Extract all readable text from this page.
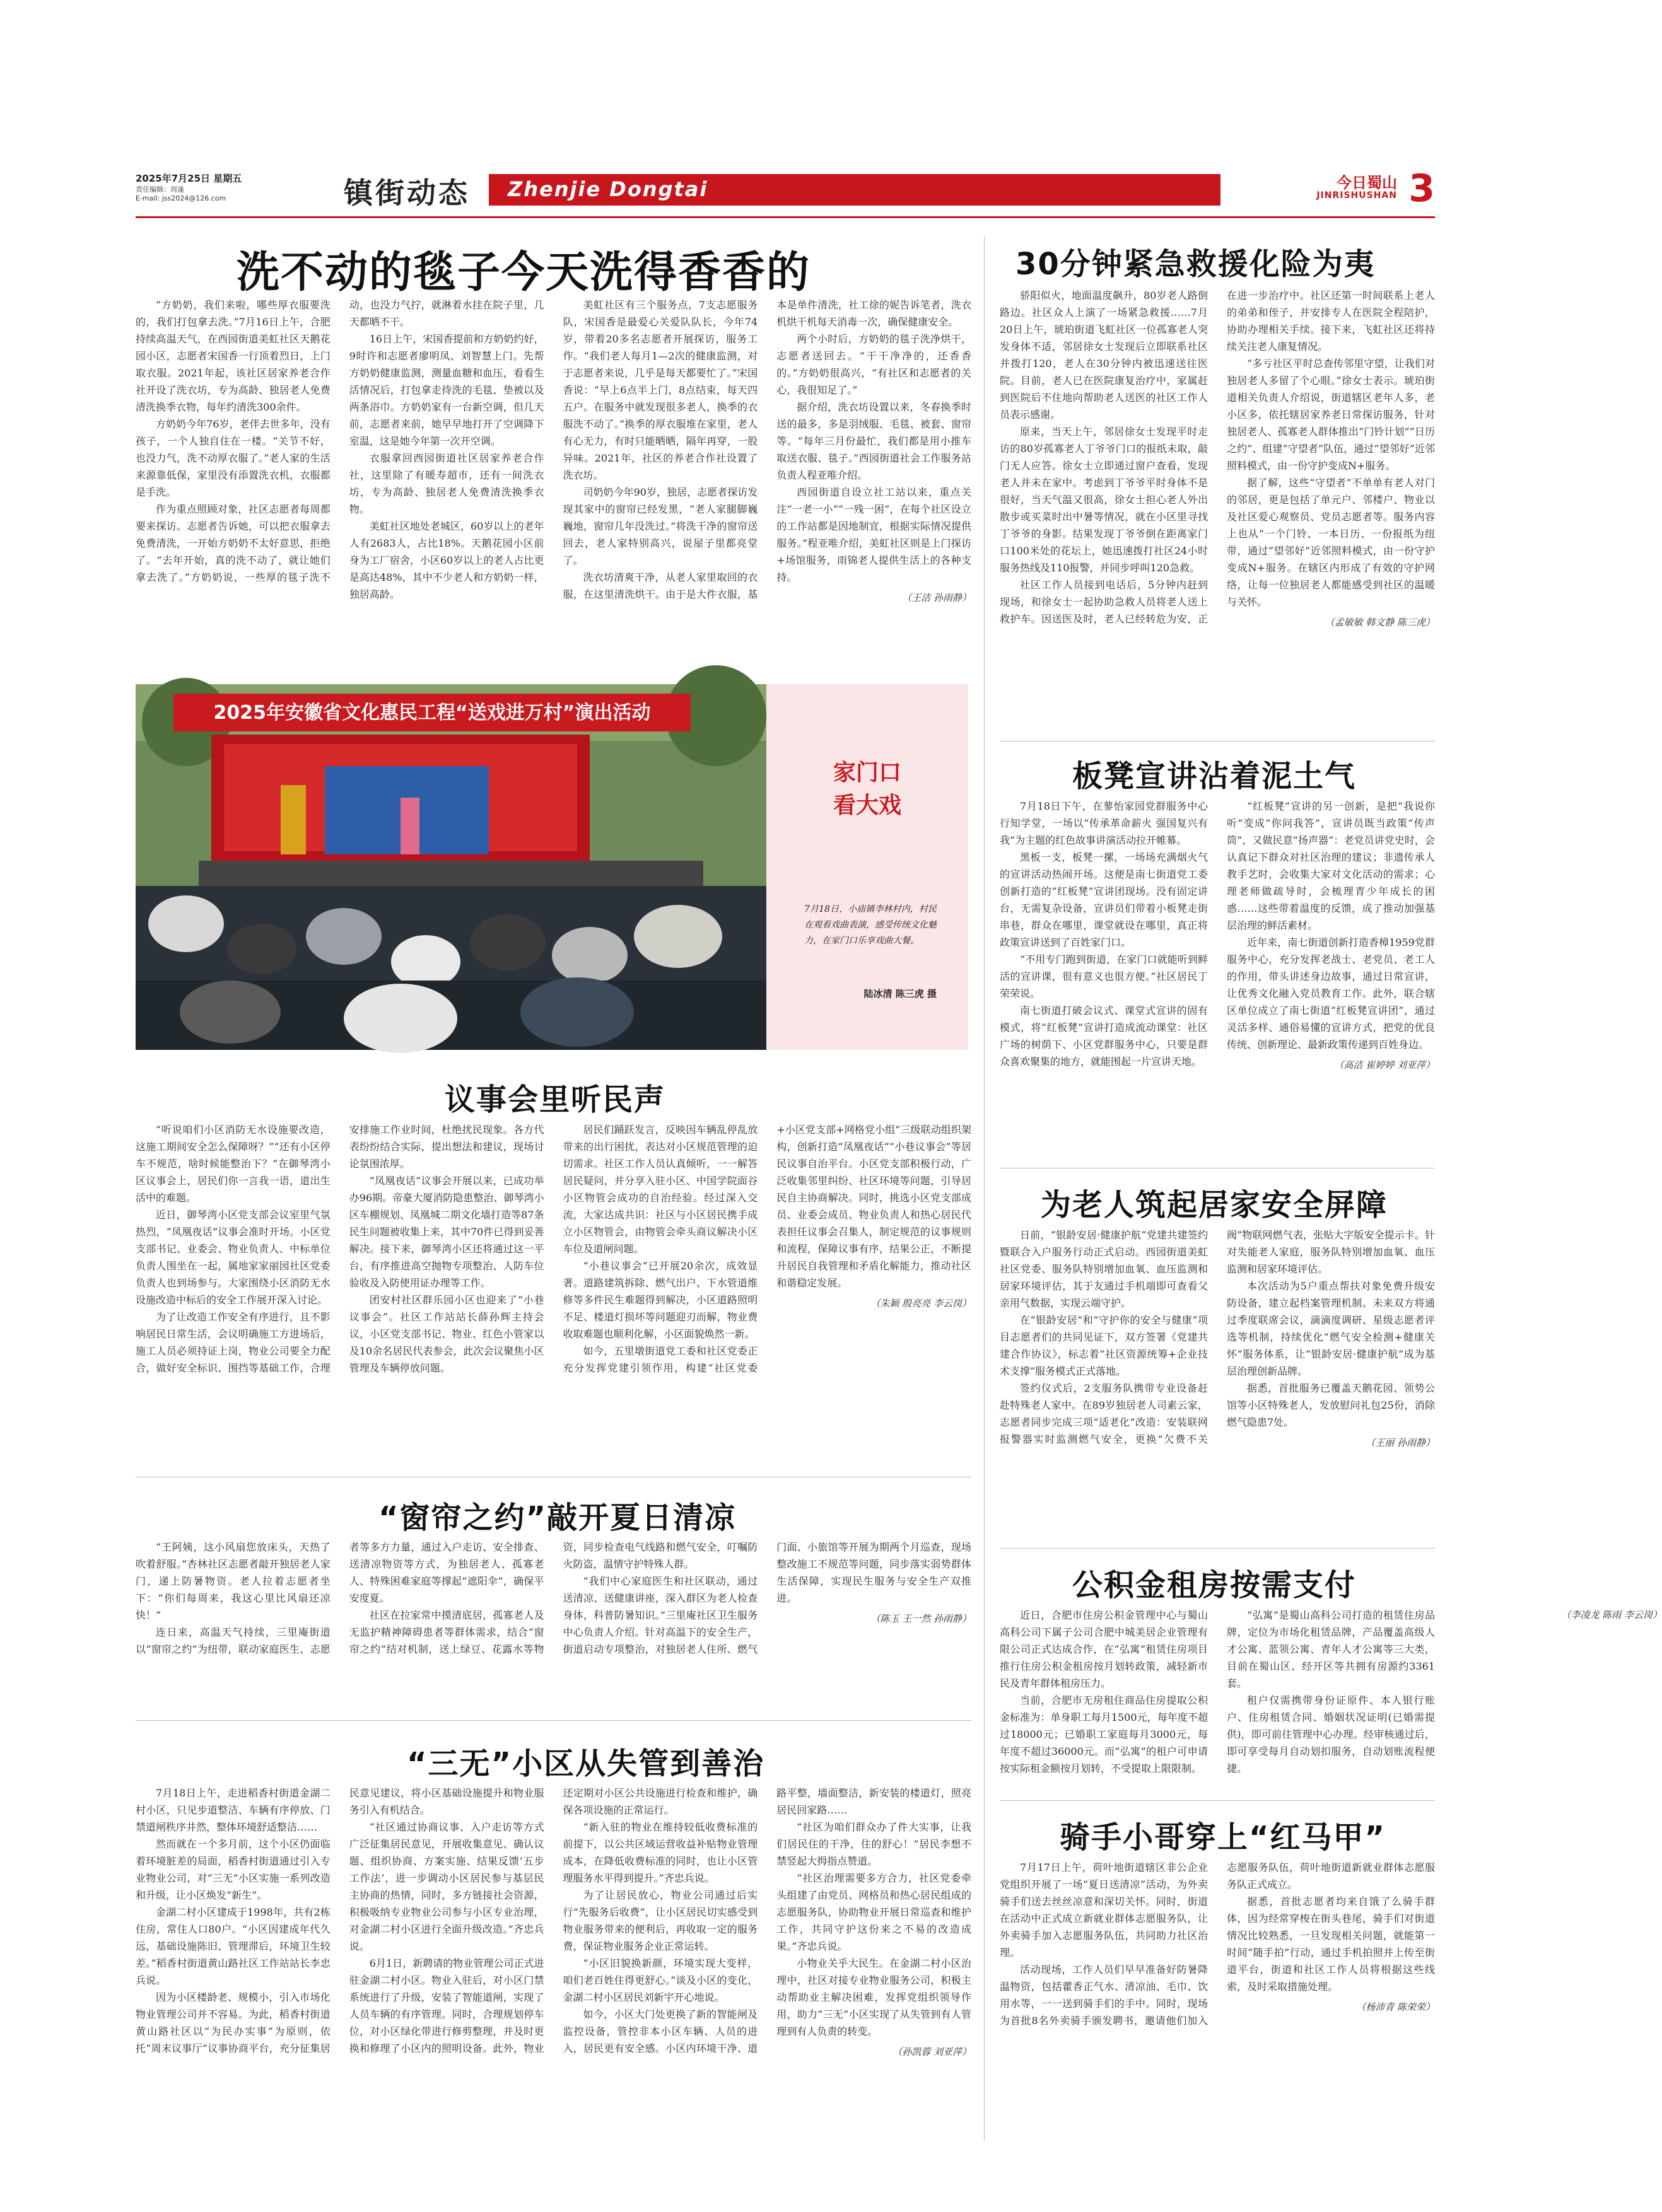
2025年7月25日 星期五
责任编辑：周逢
E-mail: jss2024@126.com	镇街动态 Zhenjie Dongtai	今日蜀山
JINRISHUSHAN 3
洗不动的毯子今天洗得香香的

“方奶奶，我们来啦，哪些厚衣服要洗的，我们打包拿去洗。”7月16日上午，合肥持续高温天气，在西园街道美虹社区天鹅花园小区，志愿者宋国香一行顶着烈日，上门取衣服。2021年起，该社区居家养老合作社开设了洗衣坊，专为高龄、独居老人免费清洗换季衣物，每年约清洗300余件。

方奶奶今年76岁，老伴去世多年，没有孩子，一个人独自住在一楼。“关节不好，也没力气，洗不动厚衣服了。”老人家的生活来源靠低保，家里没有添置洗衣机，衣服都是手洗。

作为重点照顾对象，社区志愿者每周都要来探访。志愿者告诉她，可以把衣服拿去免费清洗，一开始方奶奶不太好意思，拒绝了。“去年开始，真的洗不动了，就让她们拿去洗了。”方奶奶说，一些厚的毯子洗不动，也没力气拧，就淋着水挂在院子里，几天都晒不干。

16日上午，宋国香提前和方奶奶约好，9时许和志愿者廖明凤、刘智慧上门。先帮方奶奶健康监测，测量血糖和血压，看看生活情况后，打包拿走待洗的毛毯、垫被以及两条浴巾。方奶奶家有一台新空调，但几天前，志愿者来前，她早早地打开了空调降下室温，这是她今年第一次开空调。

衣服拿回西园街道社区居家养老合作社，这里除了有暖寿超市，还有一间洗衣坊，专为高龄、独居老人免费清洗换季衣物。

美虹社区地处老城区，60岁以上的老年人有2683人，占比18%。天鹅花园小区前身为工厂宿舍，小区60岁以上的老人占比更是高达48%，其中不少老人和方奶奶一样，独居高龄。

美虹社区有三个服务点，7支志愿服务队，宋国香是最爱心关爱队队长，今年74岁，带着20多名志愿者开展探访，服务工作。“我们老人每月1—2次的健康监测，对于志愿者来说，几乎是每天都要忙了。”宋国香说：“早上6点半上门，8点结束，每天四五户。在服务中就发现很多老人，换季的衣服洗不动了。”换季的厚衣服堆在家里，老人有心无力，有时只能晒晒，隔年再穿，一股异味。2021年，社区的养老合作社设置了洗衣坊。

司奶奶今年90岁，独居，志愿者探访发现其家中的窗帘已经发黑，“老人家腿脚巍巍地，窗帘几年没洗过。”将洗干净的窗帘送回去，老人家特别高兴，说屋子里都亮堂了。

洗衣坊清爽干净，从老人家里取回的衣服，在这里清洗烘干。由于是大件衣服，基本是单件清洗，社工徐的妮告诉笔者，洗衣机烘干机每天消毒一次，确保健康安全。

两个小时后，方奶奶的毯子洗净烘干，志愿者送回去。“干干净净的，还香香的。”方奶奶很高兴，“有社区和志愿者的关心，我很知足了。”

据介绍，洗衣坊设置以来，冬春换季时送的最多，多是羽绒服、毛毯、被套、窗帘等。“每年三月份最忙，我们都是用小推车取送衣服、毯子。”西园街道社会工作服务站负责人程亚唯介绍。

西园街道自设立社工站以来，重点关注“一老一小”“一残一困”，在每个社区设立的工作站都是因地制宜，根据实际情况提供服务。”程亚唯介绍，美虹社区则是上门探访+场馆服务，雨锦老人提供生活上的各种支持。

（王洁 孙雨静）

2025年安徽省文化惠民工程“送戏进万村”演出活动
家门口
看大戏
7月18日，小庙镇李林村内，村民在观看戏曲表演，感受传统文化魅力，在家门口乐享戏曲大餐。
陆冰清 陈三虎 摄
议事会里听民声

“听说咱们小区消防无水设施要改造，这施工期间安全怎么保障呀？”“还有小区停车不规范，啥时候能整治下？”在御琴湾小区议事会上，居民们你一言我一语，道出生活中的难题。

近日，御琴湾小区党支部会议室里气氛热烈，“凤凰夜话”议事会准时开场。小区党支部书记、业委会、物业负责人、中标单位负责人围坐在一起，属地家家丽园社区党委负责人也到场参与。大家围绕小区消防无水设施改造中标后的安全工作展开深入讨论。

为了让改造工作安全有序进行，且不影响居民日常生活，会议明确施工方进场后，施工人员必须持证上岗，物业公司要全力配合，做好安全标识、围挡等基础工作，合理安排施工作业时间，杜绝扰民现象。各方代表纷纷结合实际，提出想法和建议，现场讨论氛围浓厚。

“凤凰夜话”议事会开展以来，已成功举办96期。帝豪大厦消防隐患整治、御琴湾小区车棚规划、凤凰城二期文化墙打造等87条民生问题被收集上来，其中70件已得到妥善解决。接下来，御琴湾小区还将通过这一平台，有序推进高空抛物专项整治、人防车位验收及入防使用证办理等工作。

团安村社区群乐园小区也迎来了“小巷议事会”。社区工作站站长薛孙辉主持会议，小区党支部书记、物业、红色小管家以及10余名居民代表参会，此次会议聚焦小区管理及车辆停放问题。

居民们踊跃发言，反映因车辆乱停乱放带来的出行困扰，表达对小区规范管理的迫切需求。社区工作人员认真倾听，一一解答居民疑问，并分享入驻小区、中国学院面谷小区物管会成功的自治经验。经过深入交流，大家达成共识：社区与小区居民携手成立小区物管会，由物管会牵头商议解决小区车位及道闸问题。

“小巷议事会”已开展20余次，成效显著。道路建筑拆除、燃气出户、下水管道维修等多件民生难题得到解决，小区道路照明不足、楼道灯损坏等问题迎刃而解，物业费收取难题也顺利化解，小区面貌焕然一新。

如今，五里墩街道党工委和社区党委正充分发挥党建引领作用，构建“社区党委+小区党支部+网格党小组”三级联动组织架构，创新打造“凤凰夜话”“小巷议事会”等居民议事自治平台。小区党支部积极行动，广泛收集邻里纠纷、社区环境等问题，引导居民自主协商解决。同时，挑选小区党支部成员、业委会成员、物业负责人和热心居民代表担任议事会召集人，制定规范的议事规则和流程，保障议事有序，结果公正，不断提升居民自我管理和矛盾化解能力，推动社区和谐稳定发展。

（朱颖 殷亮亮 李云岗）

“窗帘之约”敲开夏日清凉

“王阿姨，这小风扇您放床头，天热了吹着舒服。”杏林社区志愿者敲开独居老人家门，递上防暑物资。老人拉着志愿者坐下：“你们每周来，我这心里比风扇还凉快！”

连日来，高温天气持续，三里庵街道以“窗帘之约”为纽带，联动家庭医生、志愿者等多方力量，通过入户走访、安全排查、送清凉物资等方式，为独居老人、孤寡老人、特殊困难家庭等撑起“遮阳伞”，确保平安度夏。

社区在拉家常中摸清底居，孤寡老人及无监护精神障碍患者等群体需求，结合“窗帘之约”结对机制，送上绿豆、花露水等物资，同步检查电气线路和燃气安全，叮嘱防火防盗，温情守护特殊人群。

“我们中心家庭医生和社区联动，通过送清凉、送健康讲座，深入群区为老人检查身体，科普防暑知识。”三里庵社区卫生服务中心负责人介绍。针对高温下的安全生产，街道启动专项整治，对独居老人住所、燃气门面、小旅馆等开展为期两个月巡查，现场整改施工不规范等问题，同步落实弱势群体生活保障，实现民生服务与安全生产双推进。

（陈玉 王一然 孙雨静）

“三无”小区从失管到善治

7月18日上午，走进稻香村街道金湖二村小区，只见步道整洁、车辆有序停放、门禁道闸秩序井然，整体环境舒适整洁……

然而就在一个多月前，这个小区仍面临着环境脏差的局面，稻香村街道通过引入专业物业公司，对“三无”小区实施一系列改造和升级，让小区焕发“新生”。

金湖二村小区建成于1998年，共有2栋住房，常住人口80户。“小区因建成年代久远，基础设施陈旧、管理滞后，环境卫生较差。”稻香村街道黄山路社区工作站站长李忠兵说。

因为小区楼龄老、规模小，引入市场化物业管理公司并不容易。为此，稻香村街道黄山路社区以“为民办实事”为原则，依托“周末议事厅”议事协商平台，充分征集居民意见建议，将小区基础设施提升和物业服务引入有机结合。

“社区通过协商议事、入户走访等方式广泛征集居民意见，开展收集意见、确认议题、组织协商、方案实施、结果反馈‘五步工作法’，进一步调动小区居民参与基层民主协商的热情，同时，多方链接社会资源，积极吸纳专业物业公司参与小区专业治理，对金湖二村小区进行全面升级改造。”齐忠兵说。

6月1日，新聘请的物业管理公司正式进驻金湖二村小区。物业入驻后，对小区门禁系统进行了升级，安装了智能道闸，实现了人员车辆的有序管理。同时，合理规划停车位，对小区绿化带进行修剪整理，并及时更换和修理了小区内的照明设备。此外，物业还定期对小区公共设施进行检查和维护，确保各项设施的正常运行。

“新入驻的物业在维持较低收费标准的前提下，以公共区域运营收益补贴物业管理成本，在降低收费标准的同时，也让小区管理服务水平得到提升。”齐忠兵说。

为了让居民放心，物业公司通过后实行“先服务后收费”，让小区居民切实感受到物业服务带来的便利后，再收取一定的服务费，保证物业服务企业正常运转。

“小区旧貌换新颜，环境实现大变样，咱们老百姓住得更舒心。”谈及小区的变化，金湖二村小区居民刘新宇开心地说。

如今，小区大门处更换了新的智能闸及监控设备，管控非本小区车辆、人员的进入，居民更有安全感。小区内环境干净、道路平整，墙面整洁，新安装的楼道灯，照亮居民回家路……

“社区为咱们群众办了件大实事，让我们居民住的干净，住的舒心！”居民李想不禁竖起大拇指点赞道。

“社区治理需要多方合力，社区党委牵头组建了由党员、网格员和热心居民组成的志愿服务队，协助物业开展日常巡查和维护工作，共同守护这份来之不易的改造成果。”齐忠兵说。

小物业关乎大民生。在金湖二村小区治理中，社区对接专业物业服务公司，积极主动帮助业主解决困难，发挥党组织领导作用，助力“三无”小区实现了从失管到有人管理到有人负责的转变。

（孙凯蓉 刘亚萍）

30分钟紧急救援化险为夷

骄阳似火，地面温度飙升，80岁老人路倒路边。社区众人上演了一场紧急救援……7月20日上午，琥珀街道飞虹社区一位孤寡老人突发身体不适，邻居徐女士发现后立即联系社区并拨打120，老人在30分钟内被迅速送往医院。目前，老人已在医院康复治疗中，家属赶到医院后不住地向帮助老人送医的社区工作人员表示感谢。

原来，当天上午，邻居徐女士发现平时走访的80岁孤寡老人丁爷爷门口的报纸未取，敲门无人应答。徐女士立即通过窗户查看，发现老人并未在家中。考虑到丁爷爷平时身体不是很好，当天气温又很高，徐女士担心老人外出散步或买菜时出中暑等情况，就在小区里寻找丁爷爷的身影。结果发现丁爷爷倒在距离家门口100米处的花坛上，她迅速拨打社区24小时服务热线及110报警，并同步呼叫120急救。

社区工作人员接到电话后，5分钟内赶到现场，和徐女士一起协助急救人员将老人送上救护车。因送医及时，老人已经转危为安，正在进一步治疗中。社区还第一时间联系上老人的弟弟和侄子，并安排专人在医院全程陪护，协助办理相关手续。接下来，飞虹社区还将持续关注老人康复情况。

“多亏社区平时总查传邻里守望，让我们对独居老人多留了个心眼。”徐女士表示。琥珀街道相关负责人介绍说，街道辖区老年人多，老小区多，依托辖居家养老日常探访服务，针对独居老人、孤寡老人群体推出“门铃计划”“日历之约”、组建“守望者”队伍，通过“望邻好”近邻照料模式，由一份守护变成N+服务。

据了解，这些“守望者”不单单有老人对门的邻居，更是包括了单元户、邻楼户、物业以及社区爱心观察员、党员志愿者等。服务内容上也从“一个门铃、一本日历、一份报纸为纽带，通过“望邻好”近邻照料模式，由一份守护变成N+服务。在辖区内形成了有效的守护网络，让每一位独居老人都能感受到社区的温暖与关怀。

（孟敏敏 韩文静 陈三虎）

板凳宣讲沾着泥土气

7月18日下午，在蓼怡家园党群服务中心行知学堂，一场以“传承革命薪火 强国复兴有我”为主题的红色故事讲演活动拉开帷幕。

黑板一支，板凳一摞，一场场充满烟火气的宣讲活动热闹开场。这便是南七街道党工委创新打造的“红板凳”宣讲团现场。没有固定讲台，无需复杂设备，宣讲员们带着小板凳走街串巷，群众在哪里，课堂就设在哪里，真正将政策宣讲送到了百姓家门口。

“不用专门跑到街道，在家门口就能听到鲜活的宣讲课，很有意义也很方便。”社区居民丁荣荣说。

南七街道打破会议式、课堂式宣讲的固有模式，将“红板凳”宣讲打造成流动课堂：社区广场的树荫下、小区党群服务中心，只要是群众喜欢聚集的地方，就能围起一片宣讲天地。

“红板凳”宣讲的另一创新，是把“我说你听”变成“你问我答”，宣讲员既当政策“传声筒”，又做民意“扬声器”：老党员讲党史时，会认真记下群众对社区治理的建议；非遗传承人教手艺时，会收集大家对文化活动的需求；心理老师做疏导时，会梳理青少年成长的困惑……这些带着温度的反馈，成了推动加强基层治理的鲜活素材。

近年来，南七街道创新打造香樟1959党群服务中心，充分发挥老战士、老党员、老工人的作用，带头讲述身边故事，通过日常宣讲，让优秀文化融入党员教育工作。此外，联合辖区单位成立了南七街道“红板凳宣讲团”，通过灵活多样、通俗易懂的宣讲方式，把党的优良传统、创新理论、最新政策传递到百姓身边。

（高洁 崔婷婷 刘亚萍）

为老人筑起居家安全屏障

日前，“银龄安居·健康护航”党建共建签约暨联合入户服务行动正式启动。西园街道美虹社区党委、服务队特别增加血氧、血压监测和居家环境评估，其于友通过手机端即可查看父亲用气数据，实现云端守护。

在“银龄安居”和“守护你的安全与健康”项目志愿者们的共同见证下，双方签署《党建共建合作协议》，标志着“社区资源统筹+企业技术支撑”服务模式正式落地。

签约仪式后，2支服务队携带专业设备赶赴特殊老人家中。在89岁独居老人司素云家，志愿者同步完成三项“适老化”改造：安装联网报警器实时监测燃气安全，更换“欠费不关阀”物联网燃气表，张贴大字版安全提示卡。针对失能老人家庭，服务队特别增加血氧、血压监测和居家环境评估。

本次活动为5户重点帮扶对象免费升级安防设备，建立起档案管理机制。未来双方将通过季度联席会议，滴滴度调研、星级志愿者评选等机制，持续优化“燃气安全检测+健康关怀”服务体系，让“银龄安居·健康护航”成为基层治理创新品牌。

据悉，首批服务已覆盖天鹅花园、领势公馆等小区特殊老人，发放慰问礼包25份，消除燃气隐患7处。

（王丽 孙雨静）

公积金租房按需支付

近日，合肥市住房公积金管理中心与蜀山高科公司下属子公司合肥中城美居企业管理有限公司正式达成合作，在“弘寓”租赁住房项目推行住房公积金租房按月划转政策，减轻新市民及青年群体租房压力。

当前，合肥市无房租住商品住房提取公积金标准为：单身职工每月1500元，每年度不超过18000元；已婚职工家庭每月3000元，每年度不超过36000元。而“弘寓”的租户可申请按实际租金额按月划转，不受提取上限限制。

“弘寓”是蜀山高科公司打造的租赁住房品牌，定位为市场化租赁品牌，产品覆盖高级人才公寓、蓝领公寓、青年人才公寓等三大类，目前在蜀山区、经开区等共拥有房源约3361套。

租户仅需携带身份证原件、本人银行账户、住房租赁合同、婚姻状况证明(已婚需提供)，即可前往管理中心办理。经审核通过后，即可享受每月自动划扣服务，自动划账流程便捷。

（李凌龙 陈雨 李云岗）

骑手小哥穿上“红马甲”

7月17日上午，荷叶地街道辖区非公企业党组织开展了一场“夏日送清凉”活动，为外卖骑手们送去丝丝凉意和深切关怀。同时，街道在活动中正式成立新就业群体志愿服务队，让外卖骑手加入志愿服务队伍，共同助力社区治理。

活动现场，工作人员们早早准备好防暑降温物资，包括藿香正气水、清凉油、毛巾、饮用水等，一一送到骑手们的手中。同时，现场为首批8名外卖骑手颁发聘书，邀请他们加入志愿服务队伍，荷叶地街道新就业群体志愿服务队正式成立。

据悉，首批志愿者均来自饿了么骑手群体，因为经常穿梭在街头巷尾，骑手们对街道情况比较熟悉，一旦发现相关问题，就能第一时间“随手拍”行动，通过手机拍照并上传至街道平台，街道和社区工作人员将根据这些线索，及时采取措施处理。

（杨沛青 陈荣荣）
